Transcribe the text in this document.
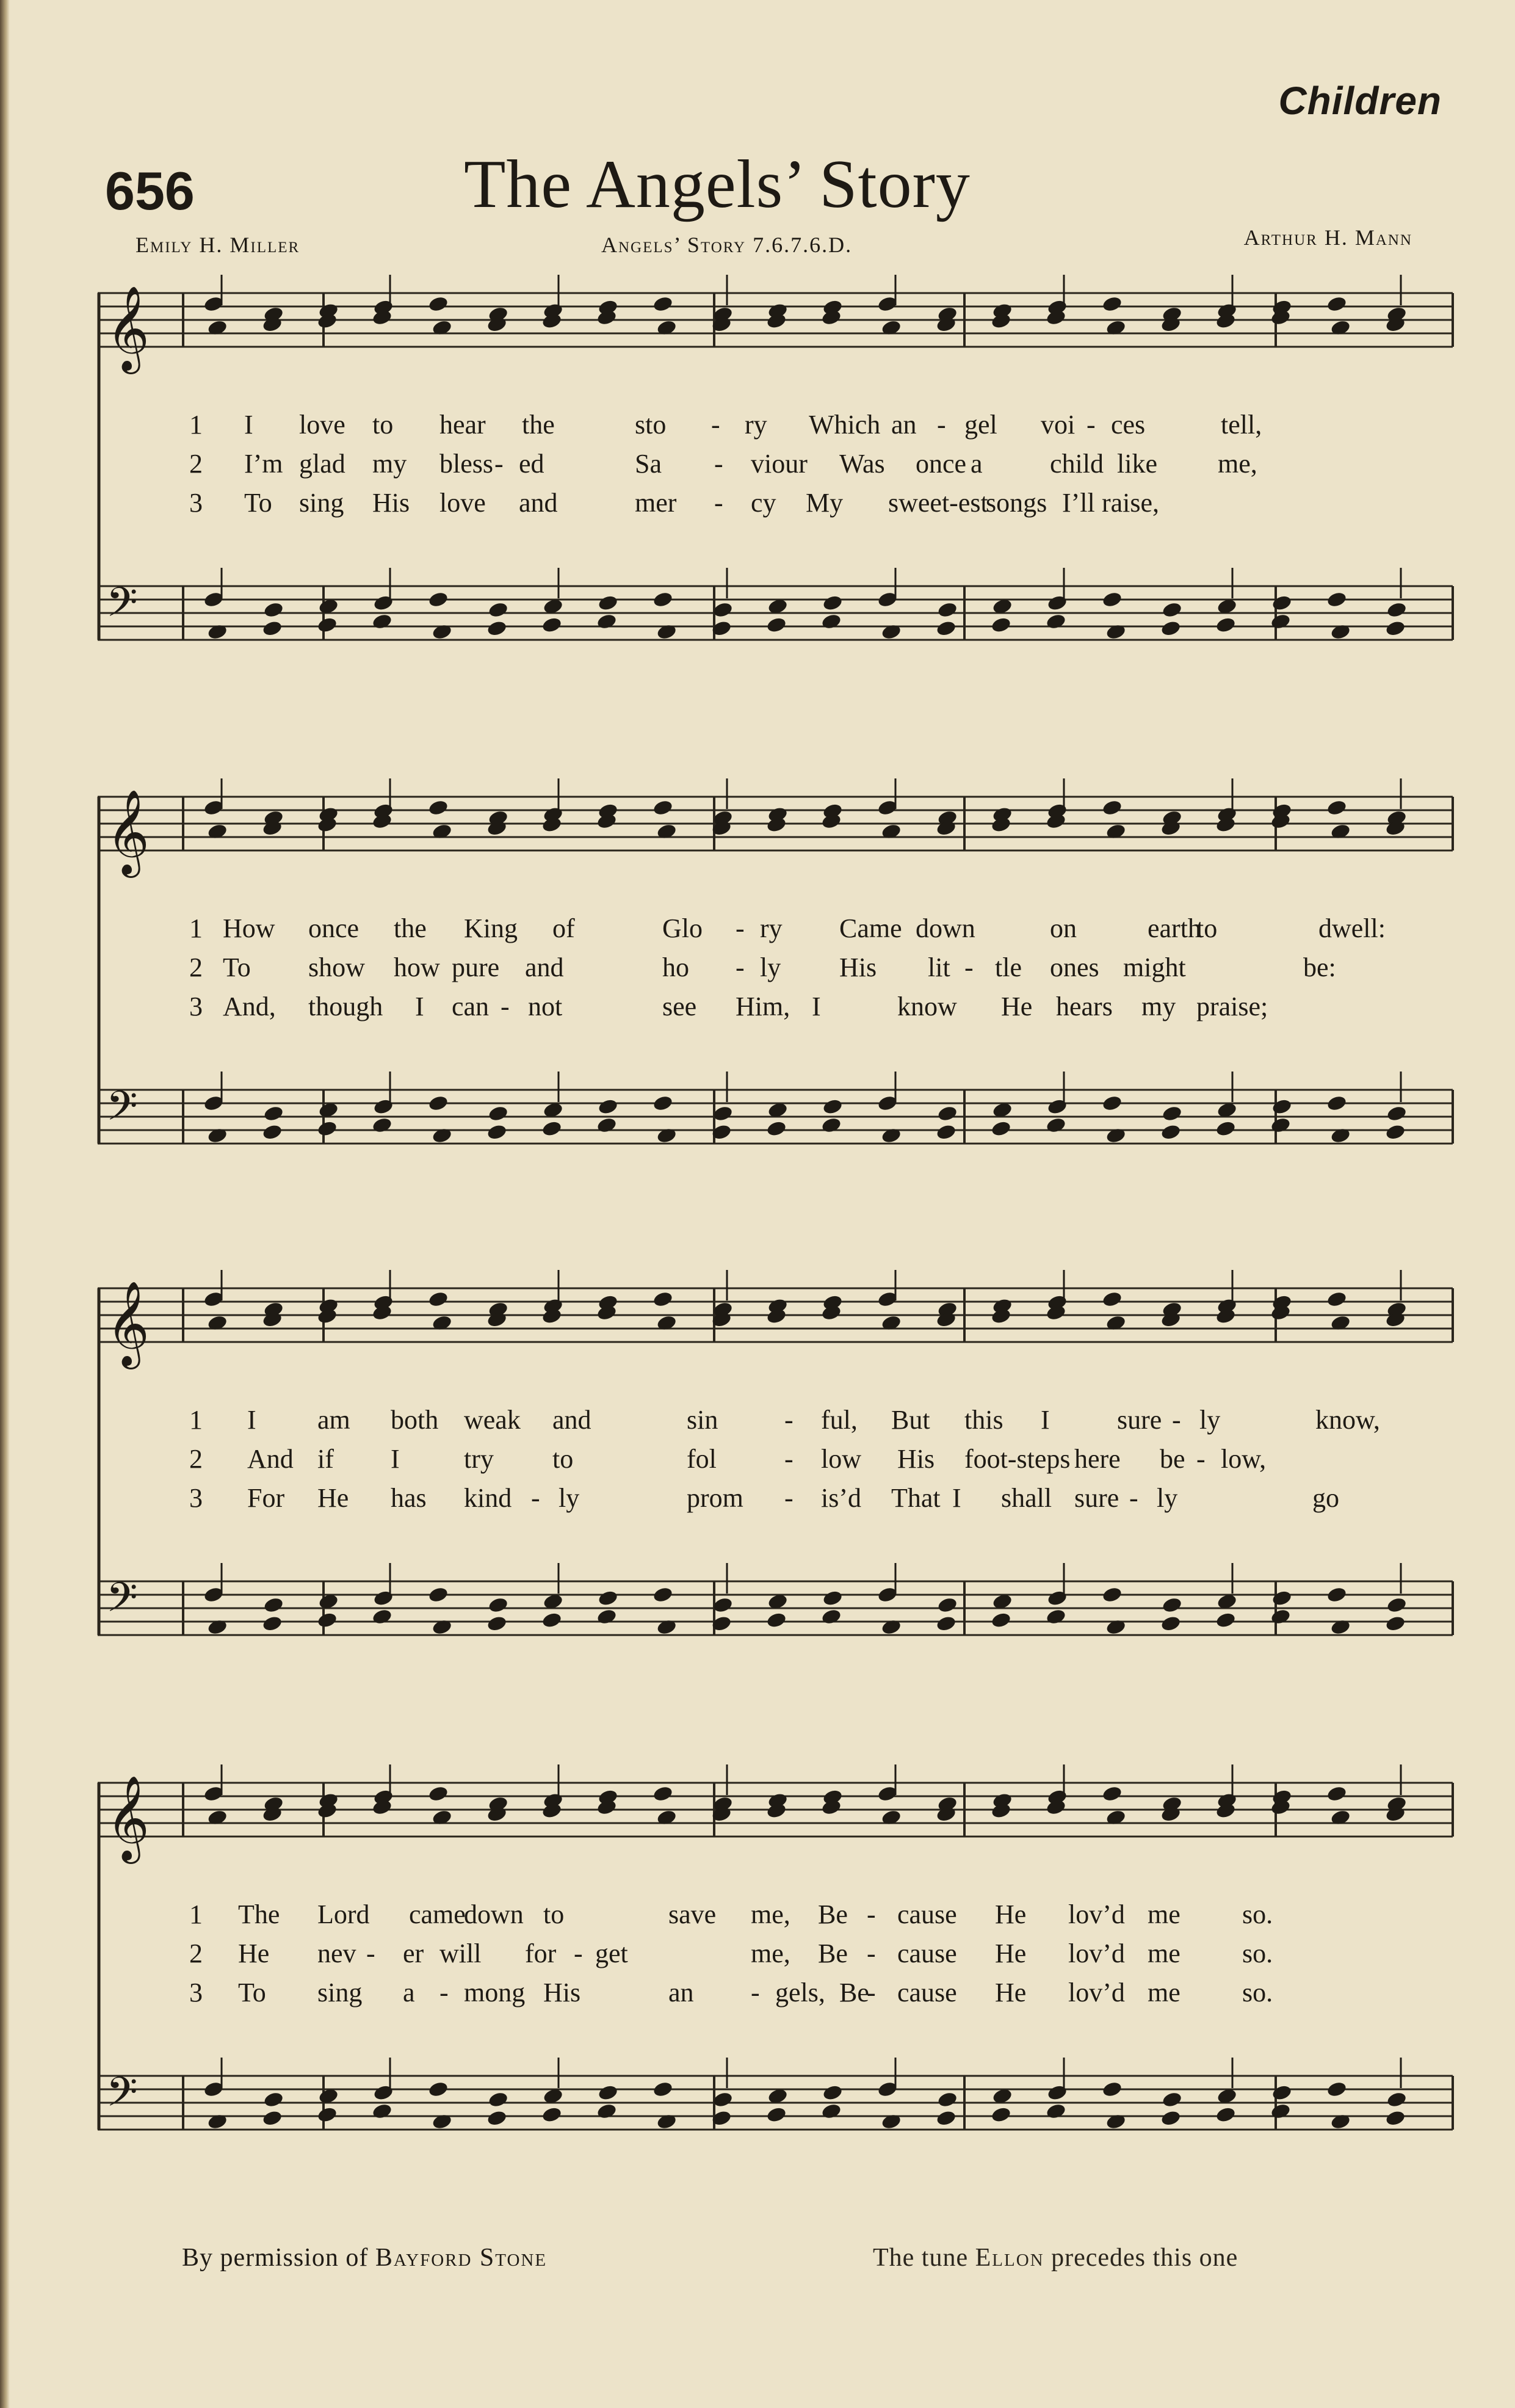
Children
656	The Angels’ Story
Emily H. Miller	Angels’ Story 7.6.7.6.D.	Arthur H. Mann
𝄞
𝄢
1 I love to hear the	sto - ry Which an - gel voi - ces	tell,
2 I’m glad my bless - ed	Sa - viour Was once a	child like me,
3 To sing His love and	mer - cy My sweet-est
songs I’ll raise,
𝄞
𝄢
1 How once the King of	Glo - ry Came down	on	earth
to	dwell:
2 To show how pure and	ho - ly His lit - tle ones might	be:
3 And, though I can - not	see Him, I	know He hears my praise;
𝄞
𝄢
1 I am both weak and	sin - ful, But this I	sure - ly	know,
2 And if I try to	fol	- low His foot-steps here be - low,
3 For He has kind - ly	prom - is’d That I shall sure - ly	go
𝄞
𝄢
1 The Lord came
down to	save me, Be - cause He lov’d me so.
2 He nev - er will for - get	me, Be - cause He lov’d me so.
3 To sing a - mong His	an - gels, Be
- cause He lov’d me so.
By permission of Bayford Stone	The tune Ellon precedes this one
